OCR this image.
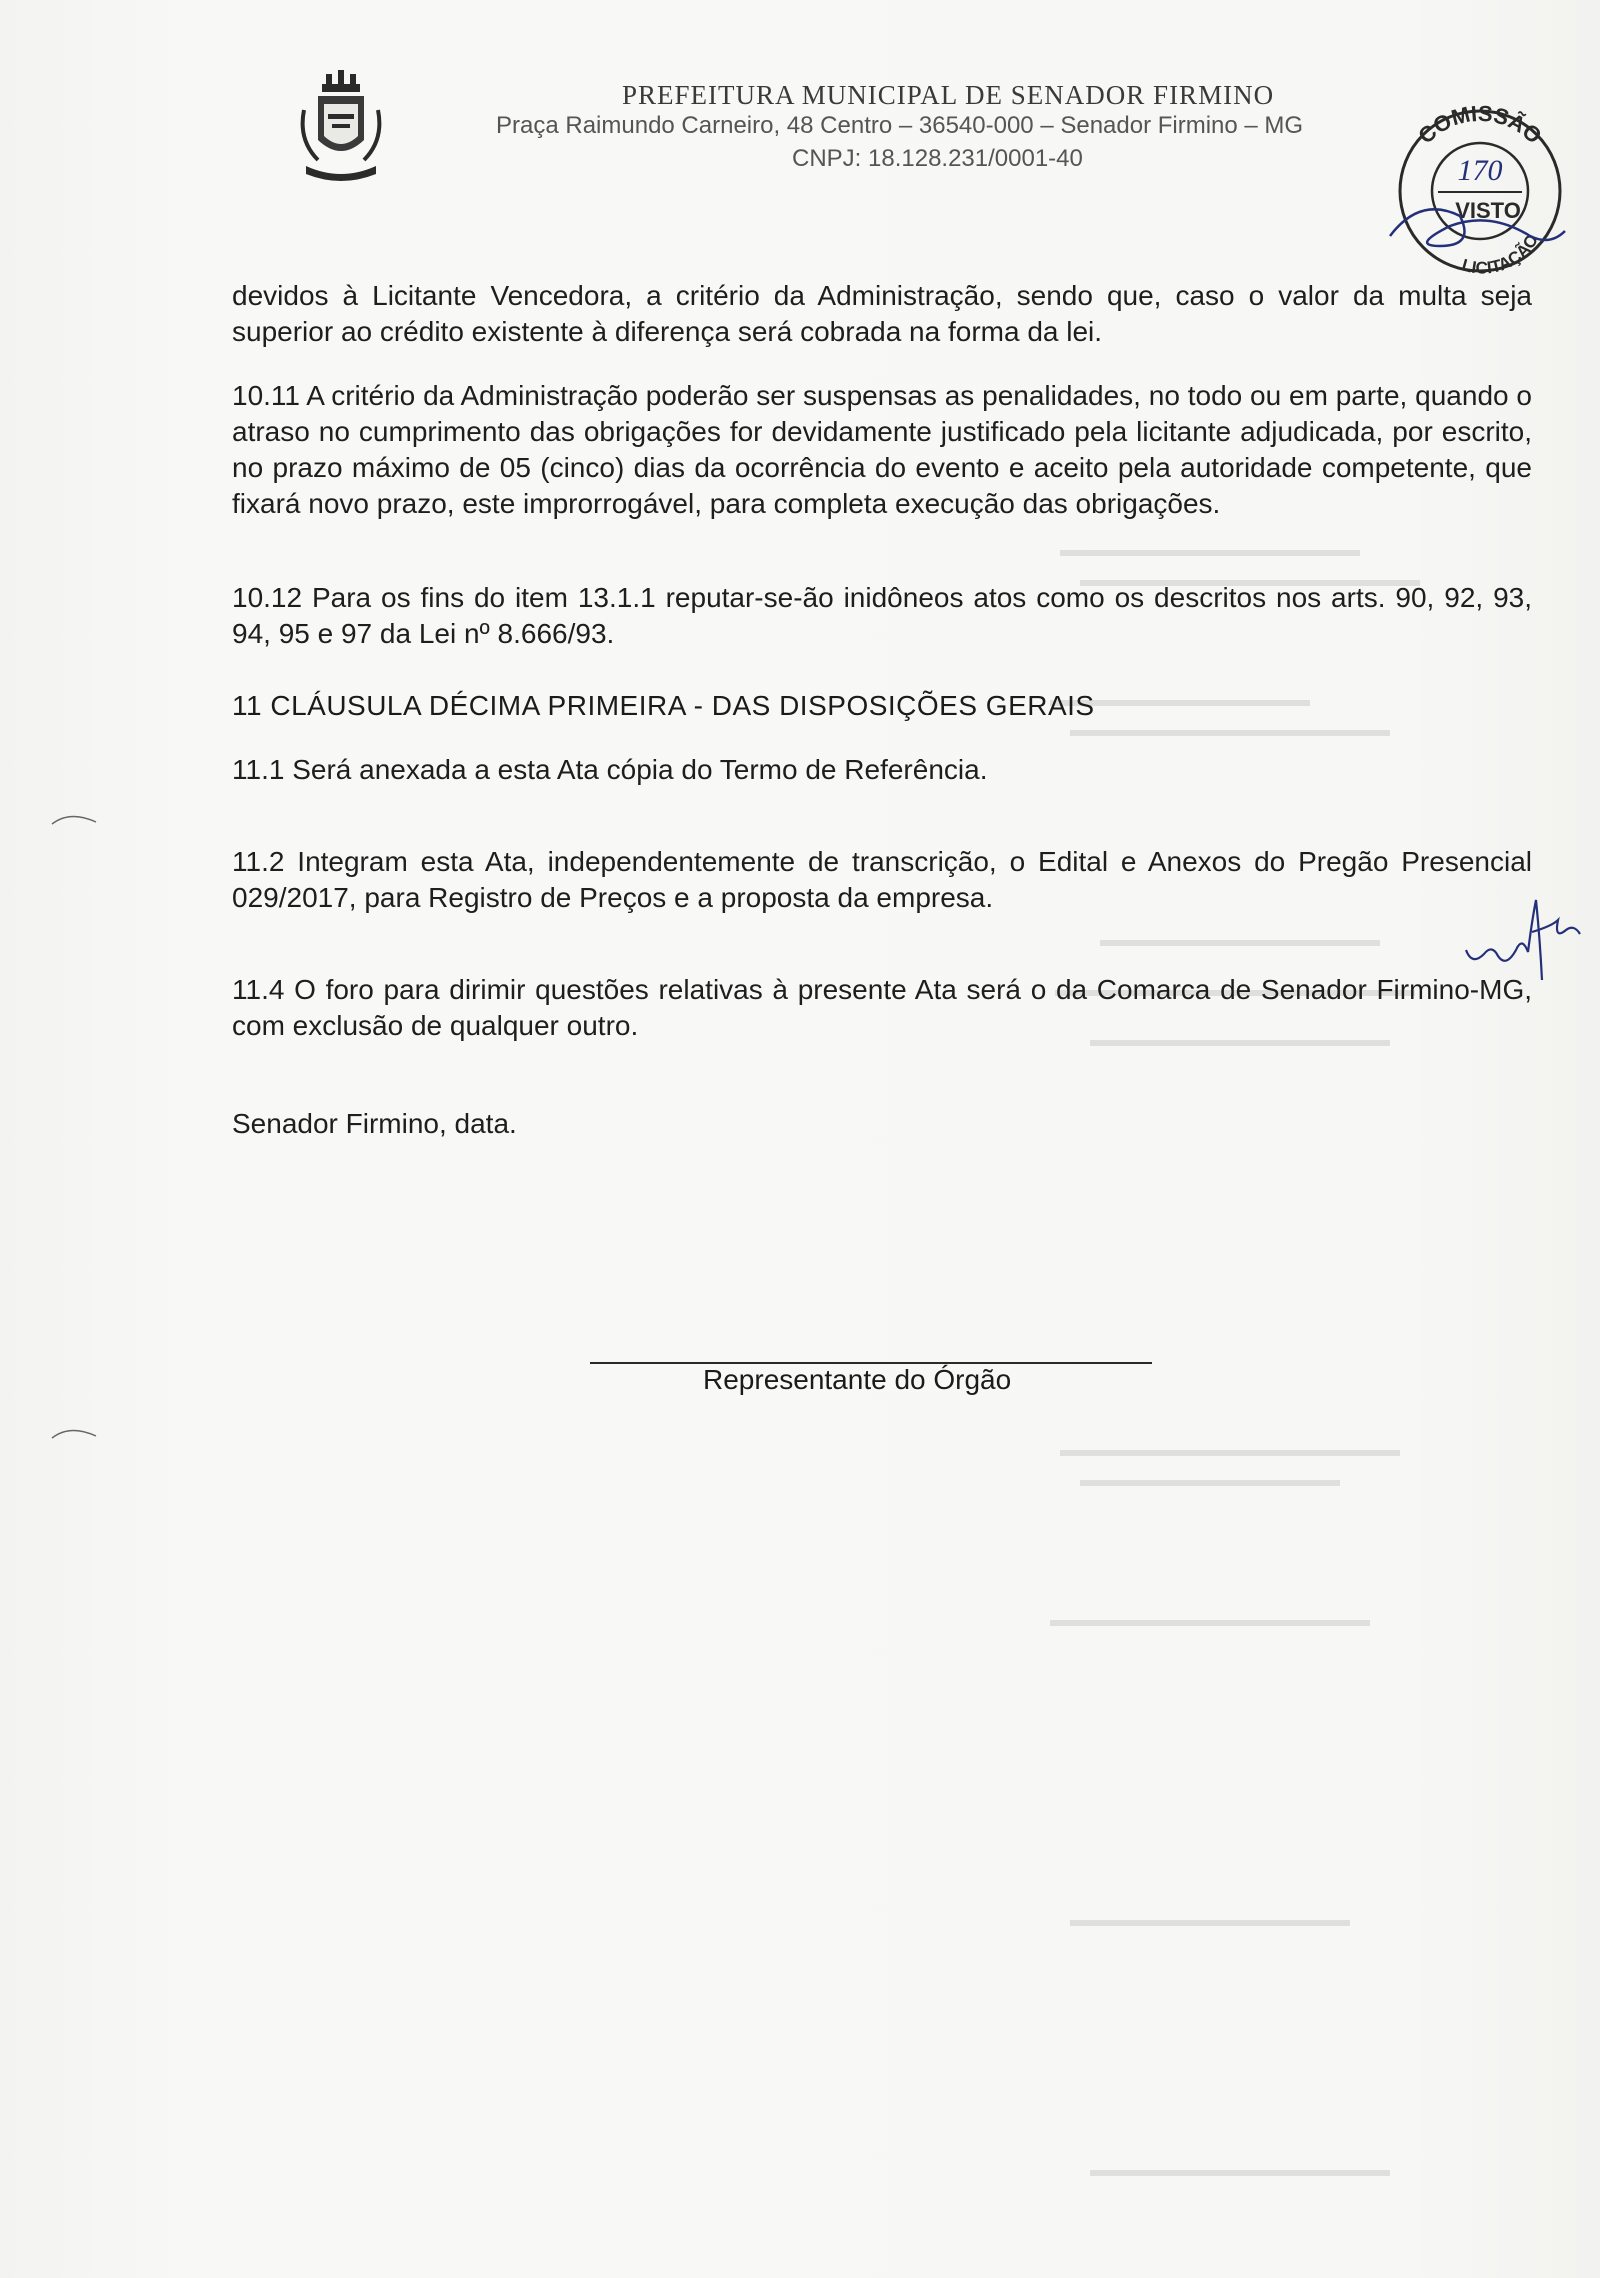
PREFEITURA MUNICIPAL DE SENADOR FIRMINO
Praça Raimundo Carneiro, 48 Centro – 36540-000 – Senador Firmino – MG
CNPJ: 18.128.231/0001-40
COMISSÃO
LICITAÇÃO
170
VISTO
devidos à Licitante Vencedora, a critério da Administração, sendo que, caso o valor da multa seja superior ao crédito existente à diferença será cobrada na forma da lei.
10.11 A critério da Administração poderão ser suspensas as penalidades, no todo ou em parte, quando o atraso no cumprimento das obrigações for devidamente justificado pela licitante adjudicada, por escrito, no prazo máximo de 05 (cinco) dias da ocorrência do evento e aceito pela autoridade competente, que fixará novo prazo, este improrrogável, para completa execução das obrigações.
10.12 Para os fins do item 13.1.1 reputar-se-ão inidôneos atos como os descritos nos arts. 90, 92, 93, 94, 95 e 97 da Lei nº 8.666/93.
11 CLÁUSULA DÉCIMA PRIMEIRA - DAS DISPOSIÇÕES GERAIS
11.1 Será anexada a esta Ata cópia do Termo de Referência.
11.2 Integram esta Ata, independentemente de transcrição, o Edital e Anexos do Pregão Presencial 029/2017, para Registro de Preços e a proposta da empresa.
11.4 O foro para dirimir questões relativas à presente Ata será o da Comarca de Senador Firmino-MG, com exclusão de qualquer outro.
Senador Firmino, data.
Representante do Órgão
